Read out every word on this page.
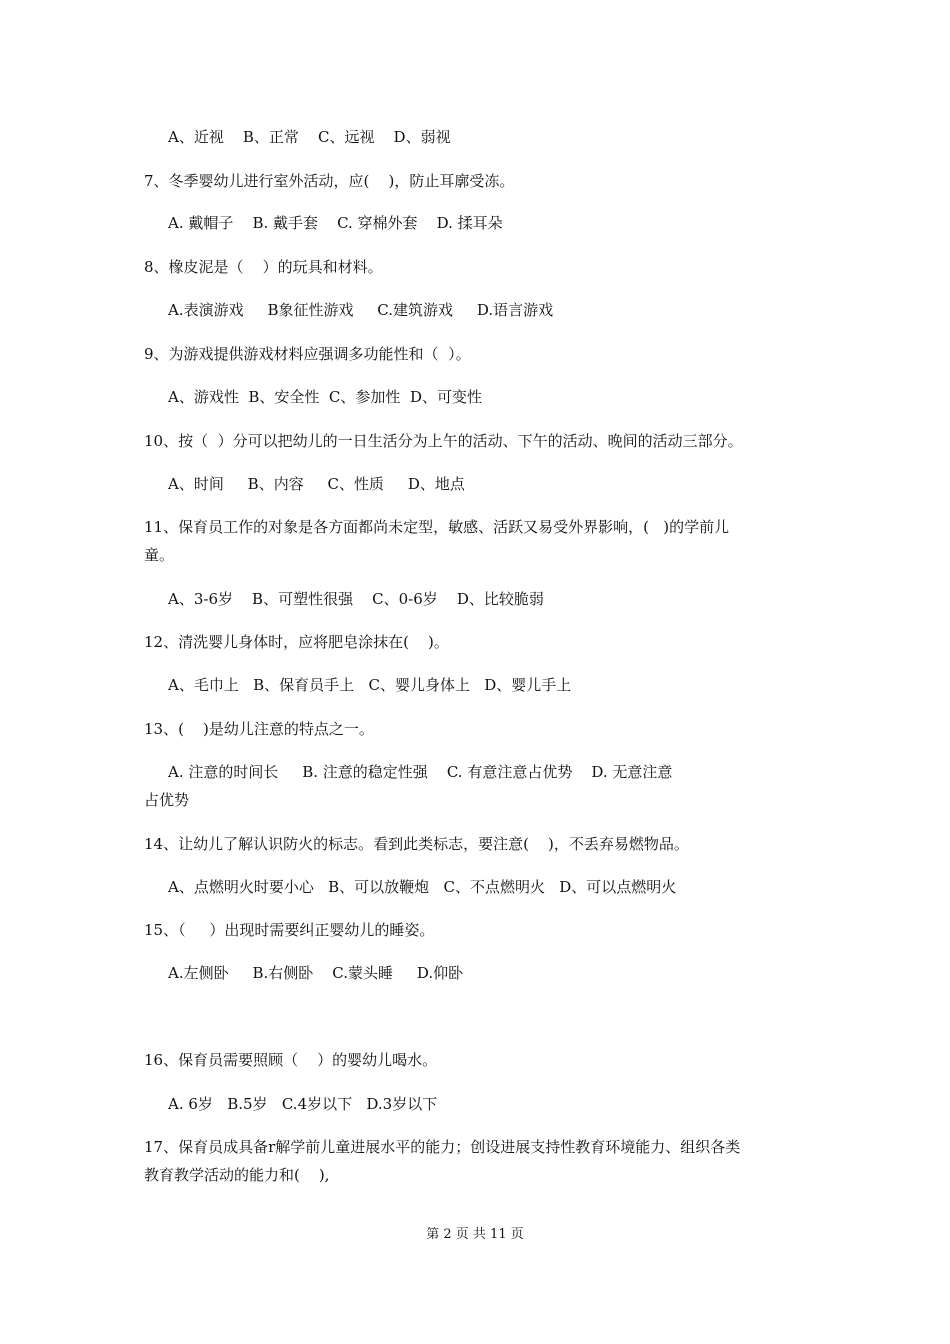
A、近视    B、正常    C、远视    D、弱视
7、冬季婴幼儿进行室外活动，应(    )，防止耳廓受冻。
A. 戴帽子    B. 戴手套    C. 穿棉外套    D. 揉耳朵
8、橡皮泥是（    ）的玩具和材料。
A.表演游戏     B象征性游戏     C.建筑游戏     D.语言游戏
9、为游戏提供游戏材料应强调多功能性和（  ）。
A、游戏性  B、安全性  C、参加性  D、可变性
10、按（  ）分可以把幼儿的一日生活分为上午的活动、下午的活动、晚间的活动三部分。
A、时间     B、内容     C、性质     D、地点
11、保育员工作的对象是各方面都尚未定型，敏感、活跃又易受外界影响，(   )的学前儿
童。
A、3-6岁    B、可塑性很强    C、0-6岁    D、比较脆弱
12、清洗婴儿身体时，应将肥皂涂抹在(    )。
A、毛巾上   B、保育员手上   C、婴儿身体上   D、婴儿手上
13、(    )是幼儿注意的特点之一。
A. 注意的时间长     B. 注意的稳定性强    C. 有意注意占优势    D. 无意注意
占优势
14、让幼儿了解认识防火的标志。看到此类标志，要注意(    )，不丢弃易燃物品。
A、点燃明火时要小心   B、可以放鞭炮   C、不点燃明火   D、可以点燃明火
15、（     ）出现时需要纠正婴幼儿的睡姿。
A.左侧卧     B.右侧卧    C.蒙头睡     D.仰卧
16、保育员需要照顾（    ）的婴幼儿喝水。
A. 6岁   B.5岁   C.4岁以下   D.3岁以下
17、保育员成具备r解学前儿童进展水平的能力；创设进展支持性教育环境能力、组织各类
教育教学活动的能力和(    ),
第 2 页 共 11 页
